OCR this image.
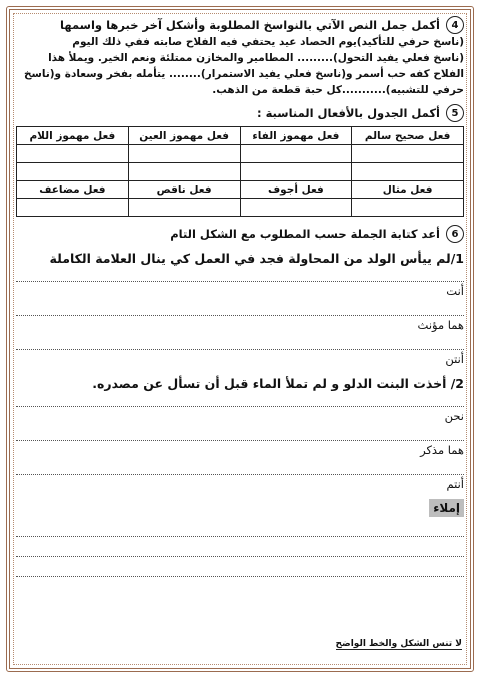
4
أكمل جمل النص الآتي بالنواسخ المطلوبة وأشكل آخر خبرها واسمها

(ناسخ حرفي للتأكيد)يوم الحصاد عيد يحتفي فيه الفلاح صابته ففي ذلك اليوم

(ناسخ فعلي يفيد التحول)......... المطامير والمخازن ممتلئة ونعم الخير. ويملأ هذا

الفلاح كفه حب أسمر و(ناسخ فعلي يفيد الاستمرار)........ يتأمله بفخر وسعادة و(ناسخ

حرفي للتشبيه)...........كل حبة قطعة من الذهب.

5
أكمل الجدول بالأفعال المناسبة :
فعل صحيح سالم	فعل مهموز الفاء	فعل مهموز العين	فعل مهموز اللام

فعل مثال	فعل أجوف	فعل ناقص	فعل مضاعف

6
أعد كتابة الجملة حسب المطلوب مع الشكل التام
1/لم ييأس الولد من المحاولة فجد في العمل كي ينال العلامة الكاملة
أنت
هما مؤنث
أنتن
2/ أخذت البنت الدلو و لم تملأ الماء قبل أن تسأل عن مصدره.
نحن
هما مذكر
أنتم
إملاء
لا تنس الشكل والخط الواضح
